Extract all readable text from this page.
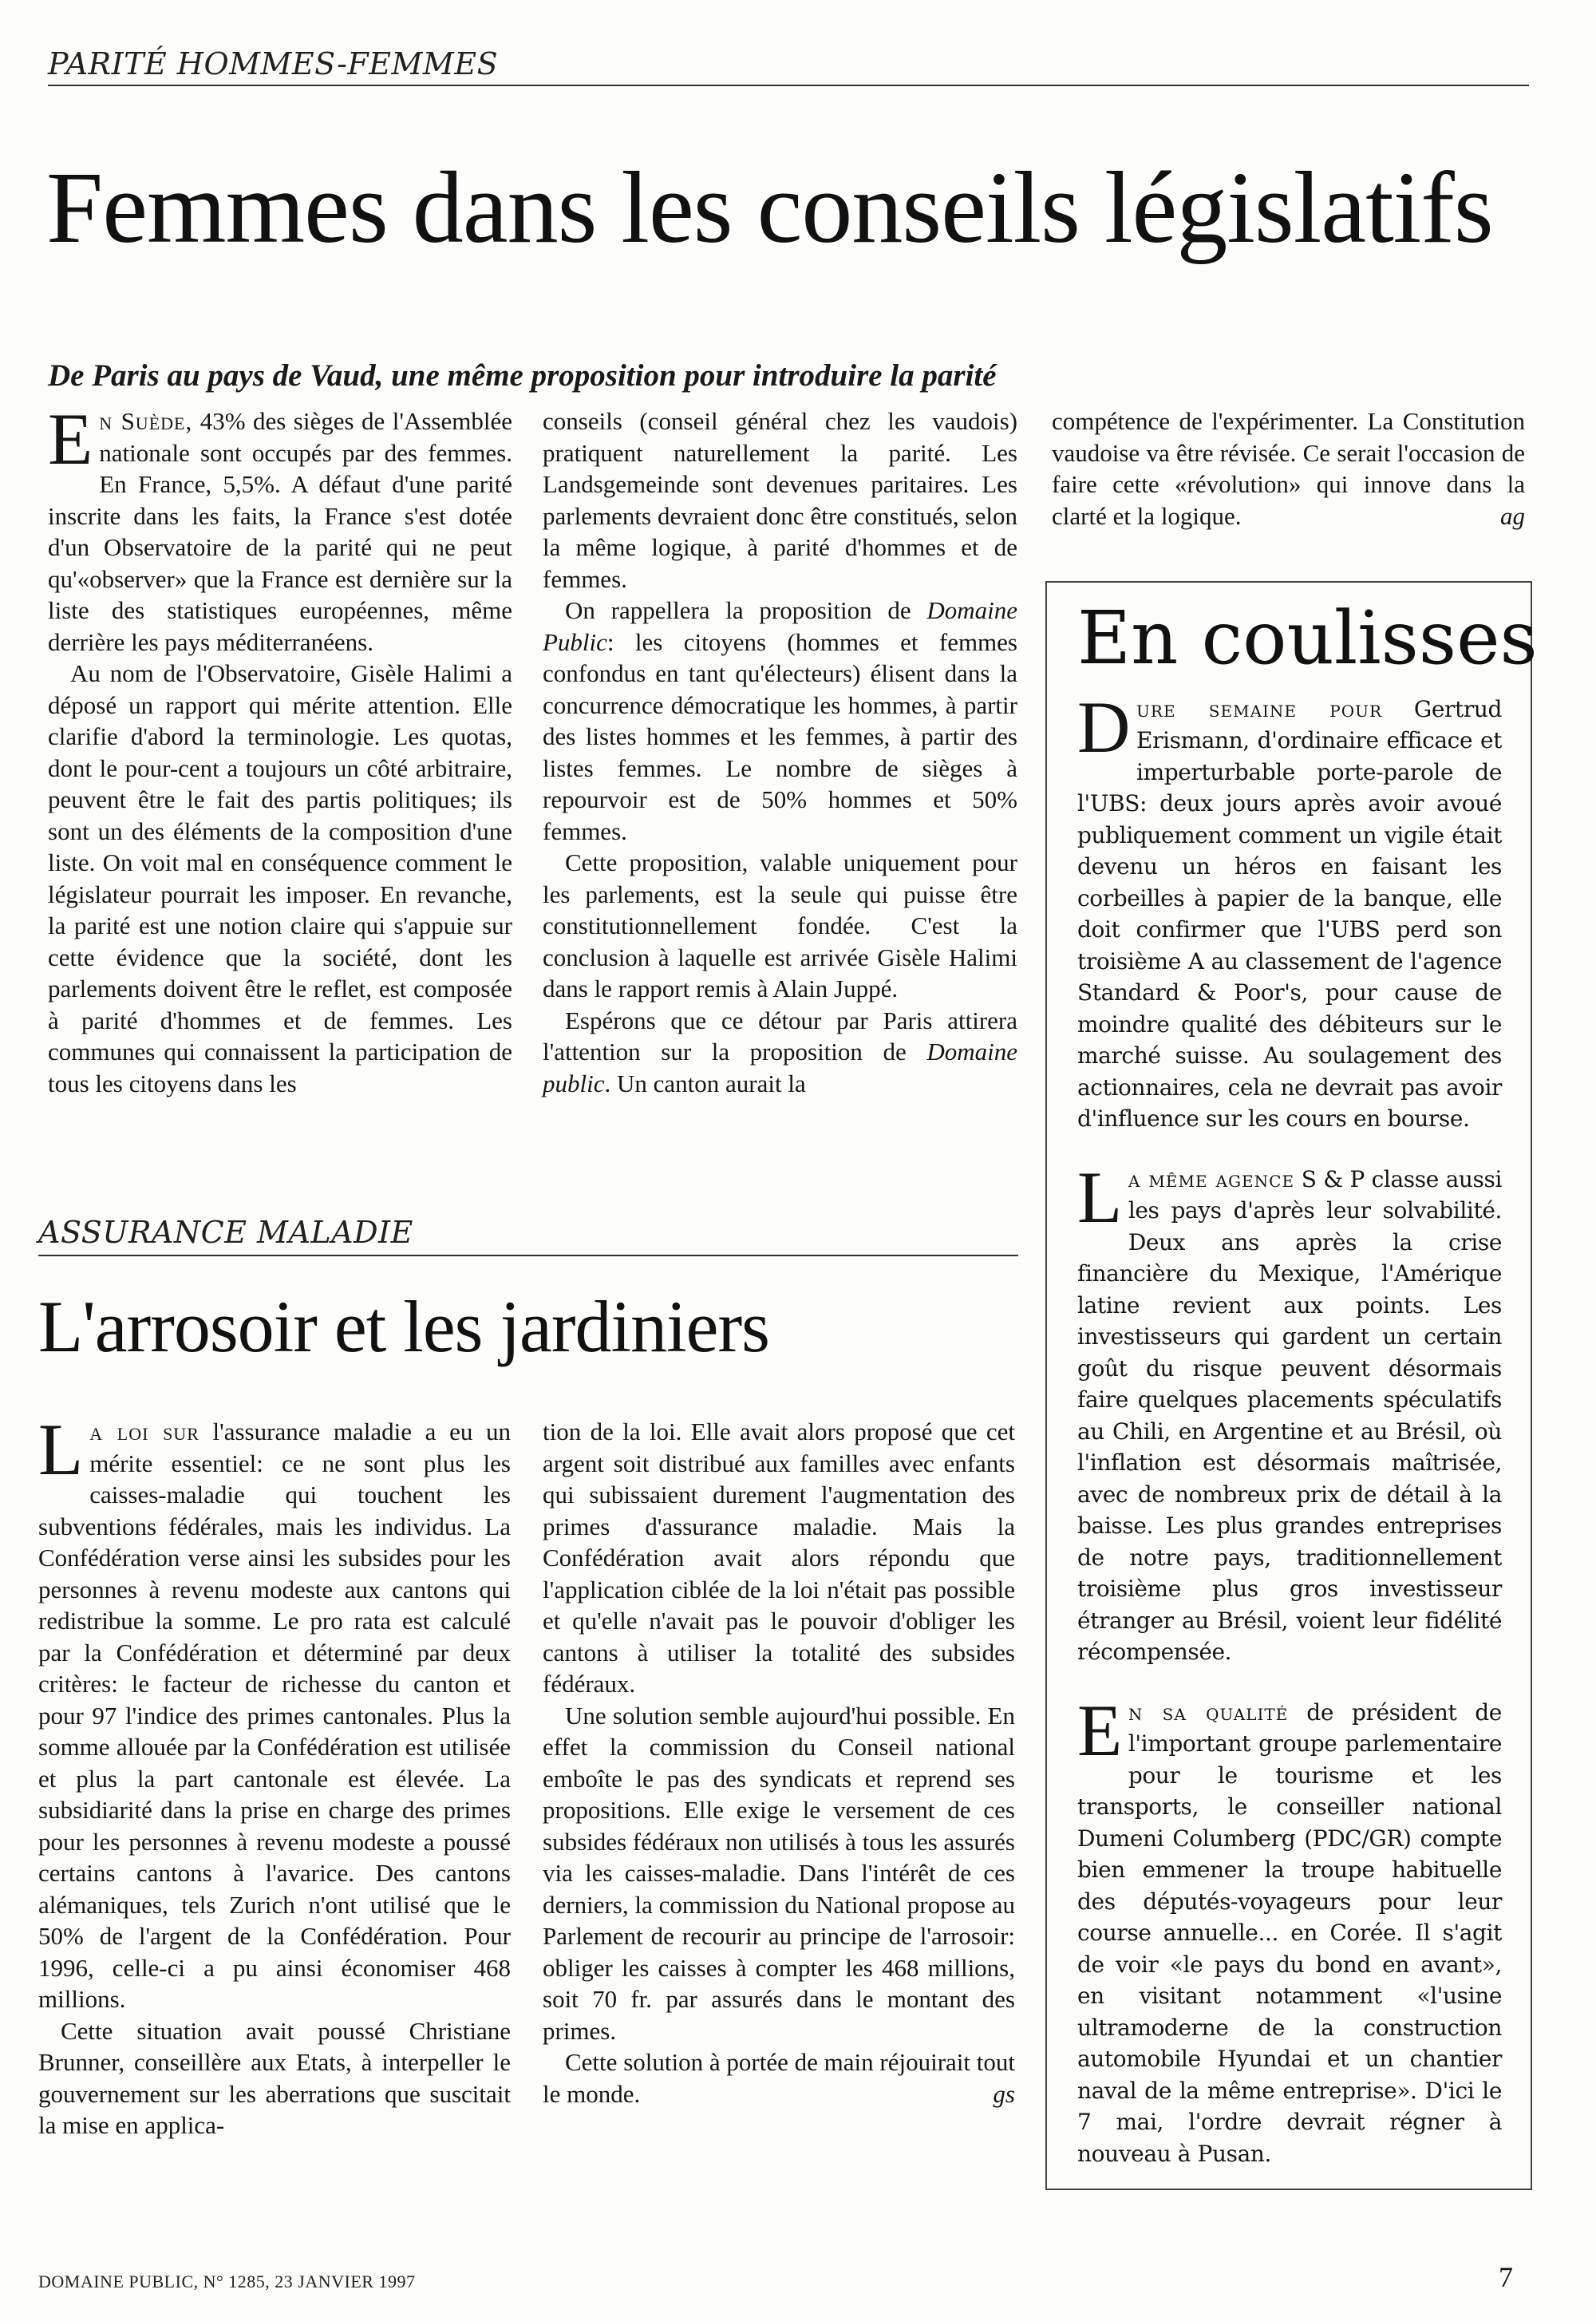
PARITÉ HOMMES-FEMMES
Femmes dans les conseils législatifs
De Paris au pays de Vaud, une même proposition pour introduire la parité

En Suède, 43% des sièges de l'Assemblée nationale sont occupés par des femmes. En France, 5,5%. A défaut d'une parité inscrite dans les faits, la France s'est dotée d'un Observatoire de la parité qui ne peut qu'«observer» que la France est dernière sur la liste des statistiques européennes, même derrière les pays méditerranéens.

Au nom de l'Observatoire, Gisèle Halimi a déposé un rapport qui mérite attention. Elle clarifie d'abord la terminologie. Les quotas, dont le pour-cent a toujours un côté arbitraire, peuvent être le fait des partis politiques; ils sont un des éléments de la composition d'une liste. On voit mal en conséquence comment le législateur pourrait les imposer. En revanche, la parité est une notion claire qui s'appuie sur cette évidence que la société, dont les parlements doivent être le reflet, est composée à parité d'hommes et de femmes. Les communes qui connaissent la participation de tous les citoyens dans les

conseils (conseil général chez les vaudois) pratiquent naturellement la parité. Les Landsgemeinde sont devenues paritaires. Les parlements devraient donc être constitués, selon la même logique, à parité d'hommes et de femmes.

On rappellera la proposition de Domaine Public: les citoyens (hommes et femmes confondus en tant qu'électeurs) élisent dans la concurrence démocratique les hommes, à partir des listes hommes et les femmes, à partir des listes femmes. Le nombre de sièges à repourvoir est de 50% hommes et 50% femmes.

Cette proposition, valable uniquement pour les parlements, est la seule qui puisse être constitutionnellement fondée. C'est la conclusion à laquelle est arrivée Gisèle Halimi dans le rapport remis à Alain Juppé.

Espérons que ce détour par Paris attirera l'attention sur la proposition de Domaine public. Un canton aurait la

compétence de l'expérimenter. La Constitution vaudoise va être révisée. Ce serait l'occasion de faire cette «révolution» qui innove dans la clarté et la logique.	ag

En coulisses

Dure semaine pour Gertrud Erismann, d'ordinaire efficace et imperturbable porte-parole de l'UBS: deux jours après avoir avoué publiquement comment un vigile était devenu un héros en faisant les corbeilles à papier de la banque, elle doit confirmer que l'UBS perd son troisième A au classement de l'agence Standard & Poor's, pour cause de moindre qualité des débiteurs sur le marché suisse. Au soulagement des actionnaires, cela ne devrait pas avoir d'influence sur les cours en bourse.

La même agence S & P classe aussi les pays d'après leur solvabilité. Deux ans après la crise financière du Mexique, l'Amérique latine revient aux points. Les investisseurs qui gardent un certain goût du risque peuvent désormais faire quelques placements spéculatifs au Chili, en Argentine et au Brésil, où l'inflation est désormais maîtrisée, avec de nombreux prix de détail à la baisse. Les plus grandes entreprises de notre pays, traditionnellement troisième plus gros investisseur étranger au Brésil, voient leur fidélité récompensée.

En sa qualité de président de l'important groupe parlementaire pour le tourisme et les transports, le conseiller national Dumeni Columberg (PDC/GR) compte bien emmener la troupe habituelle des députés-voyageurs pour leur course annuelle... en Corée. Il s'agit de voir «le pays du bond en avant», en visitant notamment «l'usine ultramoderne de la construction automobile Hyundai et un chantier naval de la même entreprise». D'ici le 7 mai, l'ordre devrait régner à nouveau à Pusan.

ASSURANCE MALADIE
L'arrosoir et les jardiniers

La loi sur l'assurance maladie a eu un mérite essentiel: ce ne sont plus les caisses-maladie qui touchent les subventions fédérales, mais les individus. La Confédération verse ainsi les subsides pour les personnes à revenu modeste aux cantons qui redistribue la somme. Le pro rata est calculé par la Confédération et déterminé par deux critères: le facteur de richesse du canton et pour 97 l'indice des primes cantonales. Plus la somme allouée par la Confédération est utilisée et plus la part cantonale est élevée. La subsidiarité dans la prise en charge des primes pour les personnes à revenu modeste a poussé certains cantons à l'avarice. Des cantons alémaniques, tels Zurich n'ont utilisé que le 50% de l'argent de la Confédération. Pour 1996, celle-ci a pu ainsi économiser 468 millions.

Cette situation avait poussé Christiane Brunner, conseillère aux Etats, à interpeller le gouvernement sur les aberrations que suscitait la mise en applica-

tion de la loi. Elle avait alors proposé que cet argent soit distribué aux familles avec enfants qui subissaient durement l'augmentation des primes d'assurance maladie. Mais la Confédération avait alors répondu que l'application ciblée de la loi n'était pas possible et qu'elle n'avait pas le pouvoir d'obliger les cantons à utiliser la totalité des subsides fédéraux.

Une solution semble aujourd'hui possible. En effet la commission du Conseil national emboîte le pas des syndicats et reprend ses propositions. Elle exige le versement de ces subsides fédéraux non utilisés à tous les assurés via les caisses-maladie. Dans l'intérêt de ces derniers, la commission du National propose au Parlement de recourir au principe de l'arrosoir: obliger les caisses à compter les 468 millions, soit 70 fr. par assurés dans le montant des primes.

Cette solution à portée de main réjouirait tout le monde.	gs

DOMAINE PUBLIC, N° 1285, 23 JANVIER 1997	7
